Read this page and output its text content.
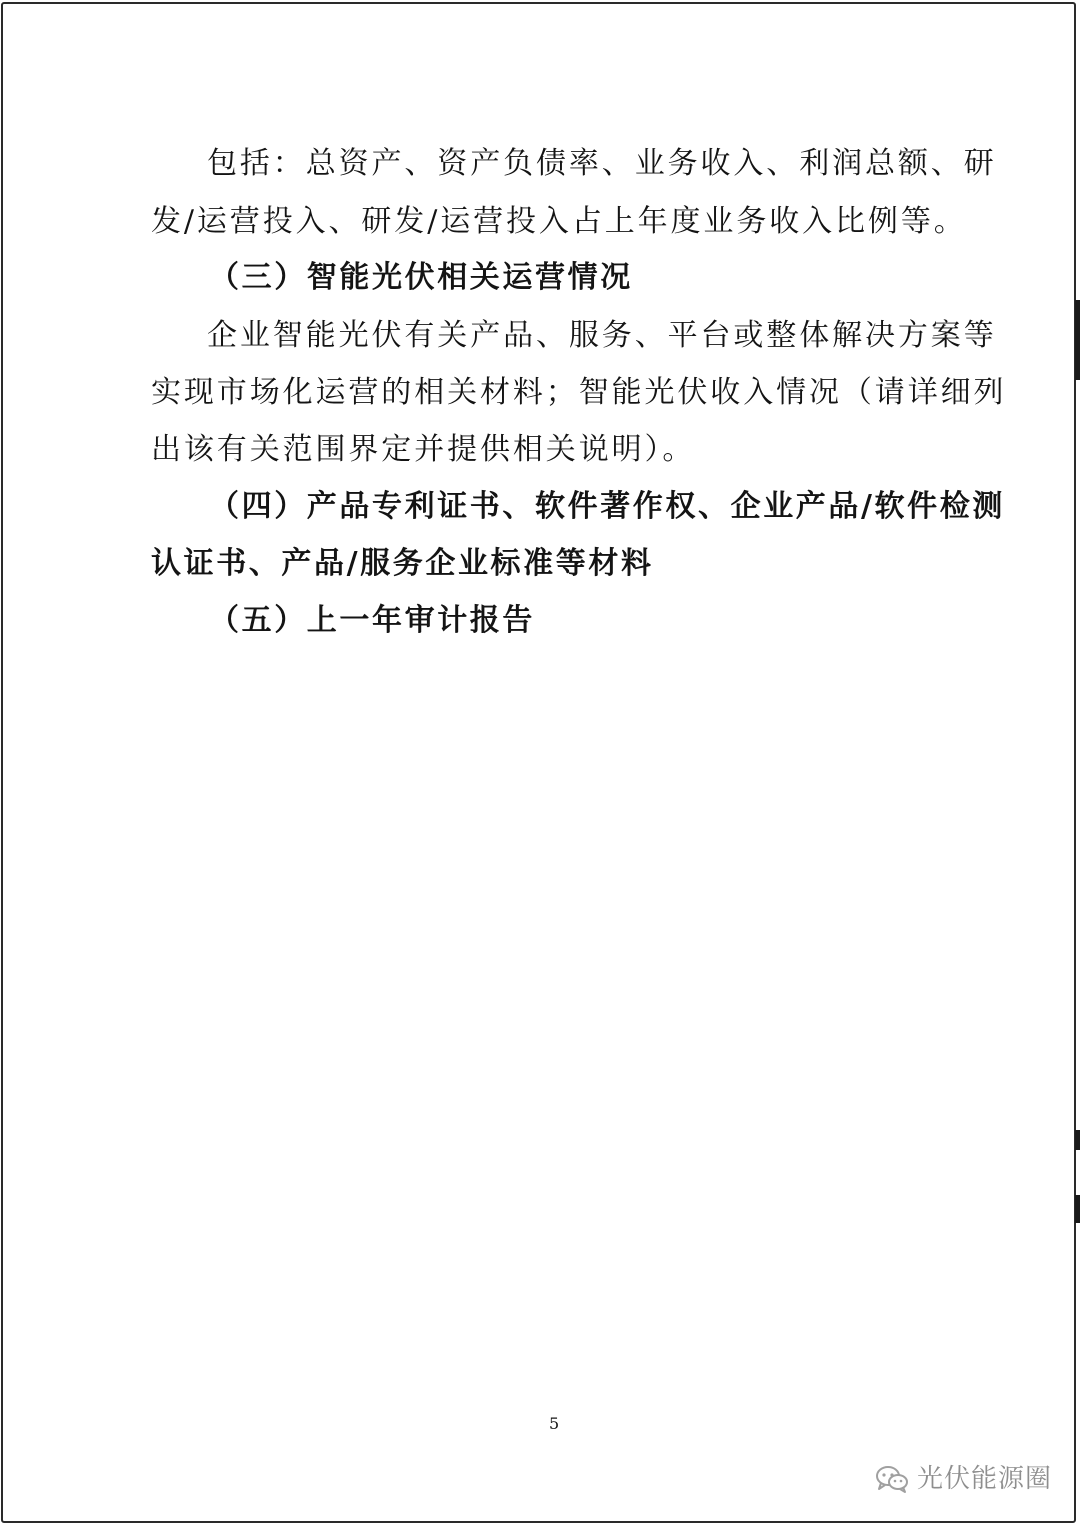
包括：总资产、资产负债率、业务收入、利润总额、研
发/运营投入、研发/运营投入占上年度业务收入比例等。
（三）智能光伏相关运营情况
企业智能光伏有关产品、服务、平台或整体解决方案等
实现市场化运营的相关材料；智能光伏收入情况（请详细列
出该有关范围界定并提供相关说明）。
（四）产品专利证书、软件著作权、企业产品/软件检测
认证书、产品/服务企业标准等材料
（五）上一年审计报告
5
光伏能源圈
